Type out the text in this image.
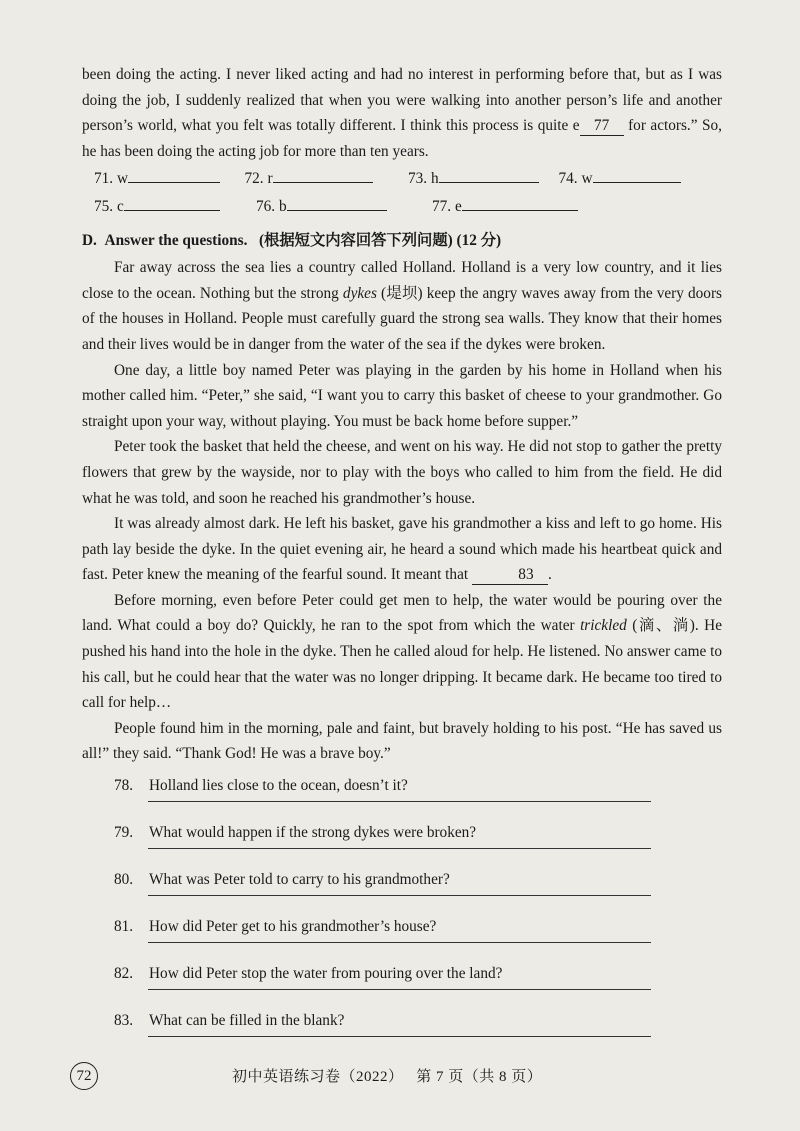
been doing the acting. I never liked acting and had no interest in performing before that, but as I was doing the job, I suddenly realized that when you were walking into another person’s life and another person’s world, what you felt was totally different. I think this process is quite e 77 for actors.” So, he has been doing the acting job for more than ten years.

71. w	72. r	73. h	74. w
75. c	76. b	77. e

D. Answer the questions. (根据短文内容回答下列问题) (12 分)

Far away across the sea lies a country called Holland. Holland is a very low country, and it lies close to the ocean. Nothing but the strong dykes (堤坝) keep the angry waves away from the very doors of the houses in Holland. People must carefully guard the strong sea walls. They know that their homes and their lives would be in danger from the water of the sea if the dykes were broken.

One day, a little boy named Peter was playing in the garden by his home in Holland when his mother called him. “Peter,” she said, “I want you to carry this basket of cheese to your grandmother. Go straight upon your way, without playing. You must be back home before supper.”

Peter took the basket that held the cheese, and went on his way. He did not stop to gather the pretty flowers that grew by the wayside, nor to play with the boys who called to him from the field. He did what he was told, and soon he reached his grandmother’s house.

It was already almost dark. He left his basket, gave his grandmother a kiss and left to go home. His path lay beside the dyke. In the quiet evening air, he heard a sound which made his heartbeat quick and fast. Peter knew the meaning of the fearful sound. It meant that	83 .

Before morning, even before Peter could get men to help, the water would be pouring over the land. What could a boy do? Quickly, he ran to the spot from which the water trickled (滴、淌). He pushed his hand into the hole in the dyke. Then he called aloud for help. He listened. No answer came to his call, but he could hear that the water was no longer dripping. It became dark. He became too tired to call for help…

People found him in the morning, pale and faint, but bravely holding to his post. “He has saved us all!” they said. “Thank God! He was a brave boy.”

78.	Holland lies close to the ocean, doesn’t it?
79.	What would happen if the strong dykes were broken?
80.	What was Peter told to carry to his grandmother?
81.	How did Peter get to his grandmother’s house?
82.	How did Peter stop the water from pouring over the land?
83.	What can be filled in the blank?
72	初中英语练习卷（2022）   第 7 页（共 8 页）
